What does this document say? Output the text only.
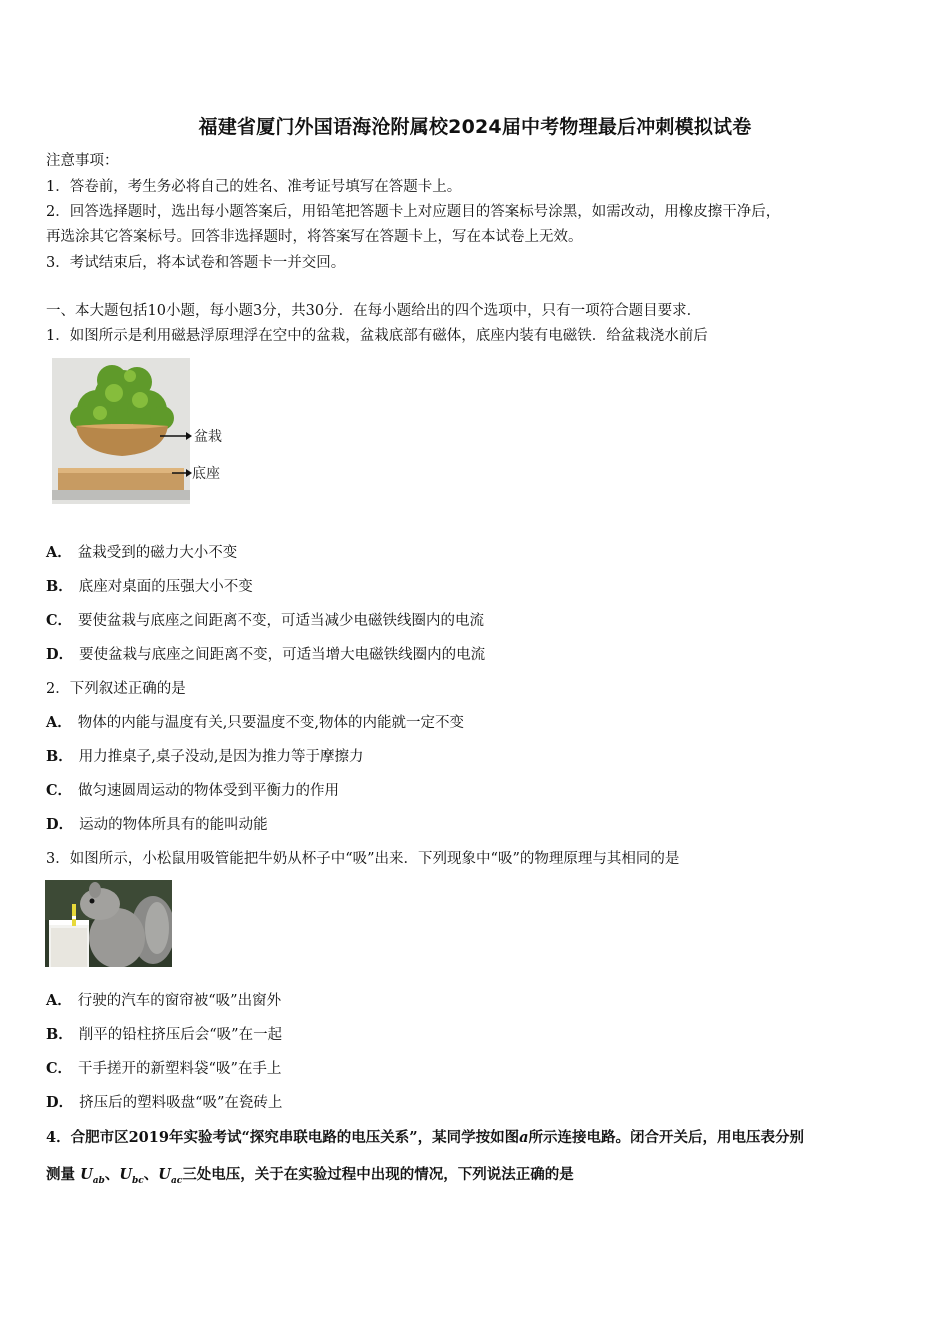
福建省厦门外国语海沧附属校2024届中考物理最后冲刺模拟试卷
注意事项：
1．答卷前，考生务必将自己的姓名、准考证号填写在答题卡上。
2．回答选择题时，选出每小题答案后，用铅笔把答题卡上对应题目的答案标号涂黑，如需改动，用橡皮擦干净后，
再选涂其它答案标号。回答非选择题时，将答案写在答题卡上，写在本试卷上无效。
3．考试结束后，将本试卷和答题卡一并交回。
一、本大题包括10小题，每小题3分，共30分．在每小题给出的四个选项中，只有一项符合题目要求．
1．如图所示是利用磁悬浮原理浮在空中的盆栽，盆栽底部有磁体，底座内装有电磁铁．给盆栽浇水前后
盆栽
底座
A． 盆栽受到的磁力大小不变
B． 底座对桌面的压强大小不变
C． 要使盆栽与底座之间距离不变，可适当减少电磁铁线圈内的电流
D． 要使盆栽与底座之间距离不变，可适当增大电磁铁线圈内的电流
2．下列叙述正确的是
A． 物体的内能与温度有关,只要温度不变,物体的内能就一定不变
B． 用力推桌子,桌子没动,是因为推力等于摩擦力
C． 做匀速圆周运动的物体受到平衡力的作用
D． 运动的物体所具有的能叫动能
3．如图所示，小松鼠用吸管能把牛奶从杯子中“吸”出来．下列现象中“吸”的物理原理与其相同的是
A． 行驶的汽车的窗帘被“吸”出窗外
B． 削平的铅柱挤压后会“吸”在一起
C． 干手搓开的新塑料袋“吸”在手上
D． 挤压后的塑料吸盘“吸”在瓷砖上
4．合肥市区2019年实验考试“探究串联电路的电压关系”，某同学按如图a所示连接电路。闭合开关后，用电压表分别
测量 $U_{ab}$、$U_{bc}$、$U_{ac}$三处电压，关于在实验过程中出现的情况，下列说法正确的是
